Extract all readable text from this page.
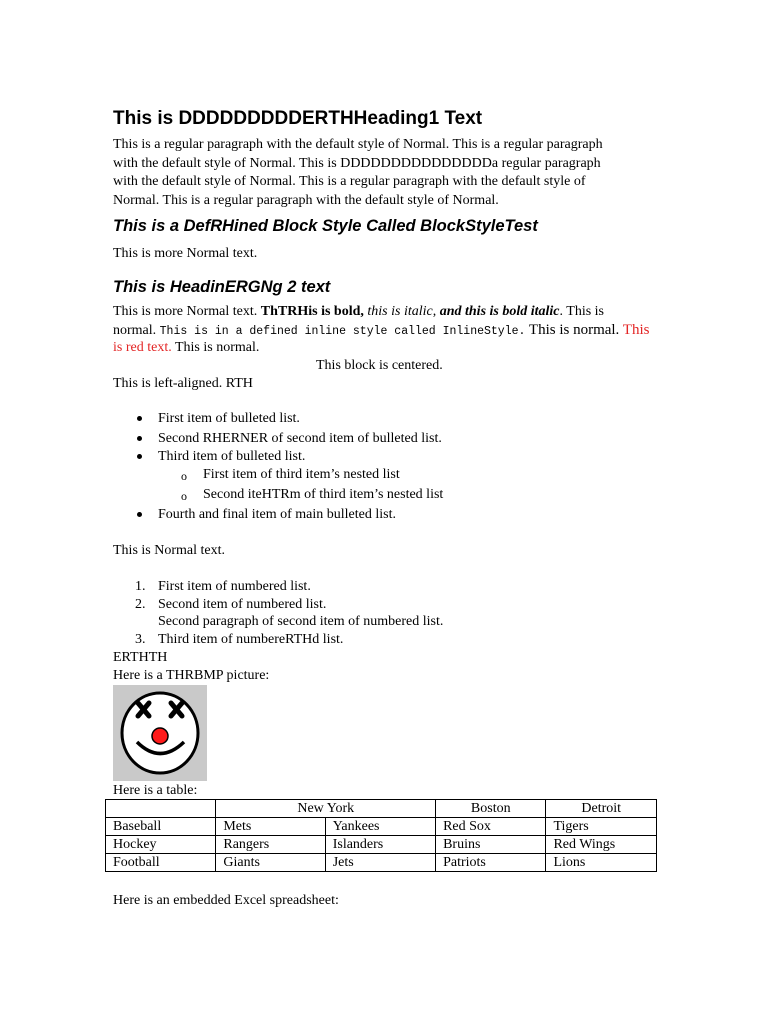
This is DDDDDDDDDERTHHeading1 Text
This is a regular paragraph with the default style of Normal. This is a regular paragraph
with the default style of Normal. This is DDDDDDDDDDDDDDDa regular paragraph
with the default style of Normal. This is a regular paragraph with the default style of
Normal. This is a regular paragraph with the default style of Normal.
This is a DefRHined Block Style Called BlockStyleTest
This is more Normal text.
This is HeadinERGNg 2 text
This is more Normal text. ThTRHis is bold, this is italic, and this is bold italic. This is
normal. This is in a defined inline style called InlineStyle. This is normal. This
is red text. This is normal.
This block is centered.
This is left-aligned. RTH
First item of bulleted list.
Second RHERNER of second item of bulleted list.
Third item of bulleted list.
o First item of third item’s nested list
o Second iteHTRm of third item’s nested list
Fourth and final item of main bulleted list.
This is Normal text.
1. First item of numbered list.
2. Second item of numbered list.
Second paragraph of second item of numbered list.
3. Third item of numbereRTHd list.
ERTHTH
Here is a THRBMP picture:
Here is a table:
	New York		Boston	Detroit
Baseball	Mets	Yankees	Red Sox	Tigers
Hockey	Rangers	Islanders	Bruins	Red Wings
Football	Giants	Jets	Patriots	Lions
Here is an embedded Excel spreadsheet:
